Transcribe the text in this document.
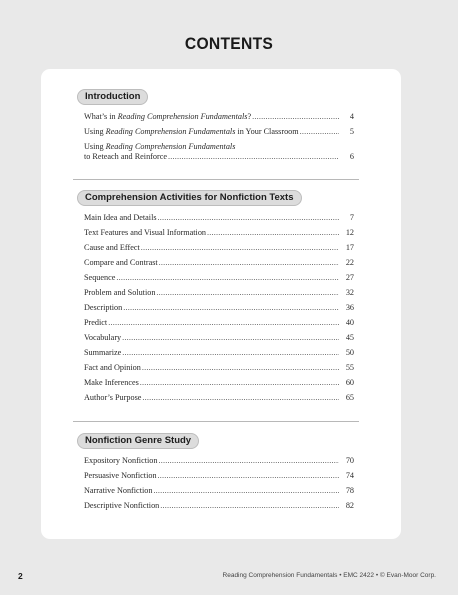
CONTENTS
Introduction
What’s in Reading Comprehension Fundamentals? .....	4
Using Reading Comprehension Fundamentals in Your Classroom .....	5
Using Reading Comprehension Fundamentals
to Reteach and Reinforce .....	6
Comprehension Activities for Nonfiction Texts
Main Idea and Details .....	7
Text Features and Visual Information .....	12
Cause and Effect .....	17
Compare and Contrast .....	22
Sequence .....	27
Problem and Solution .....	32
Description .....	36
Predict .....	40
Vocabulary .....	45
Summarize .....	50
Fact and Opinion .....	55
Make Inferences .....	60
Author’s Purpose .....	65
Nonfiction Genre Study
Expository Nonfiction .....	70
Persuasive Nonfiction .....	74
Narrative Nonfiction .....	78
Descriptive Nonfiction .....	82
2	Reading Comprehension Fundamentals • EMC 2422 • © Evan-Moor Corp.
